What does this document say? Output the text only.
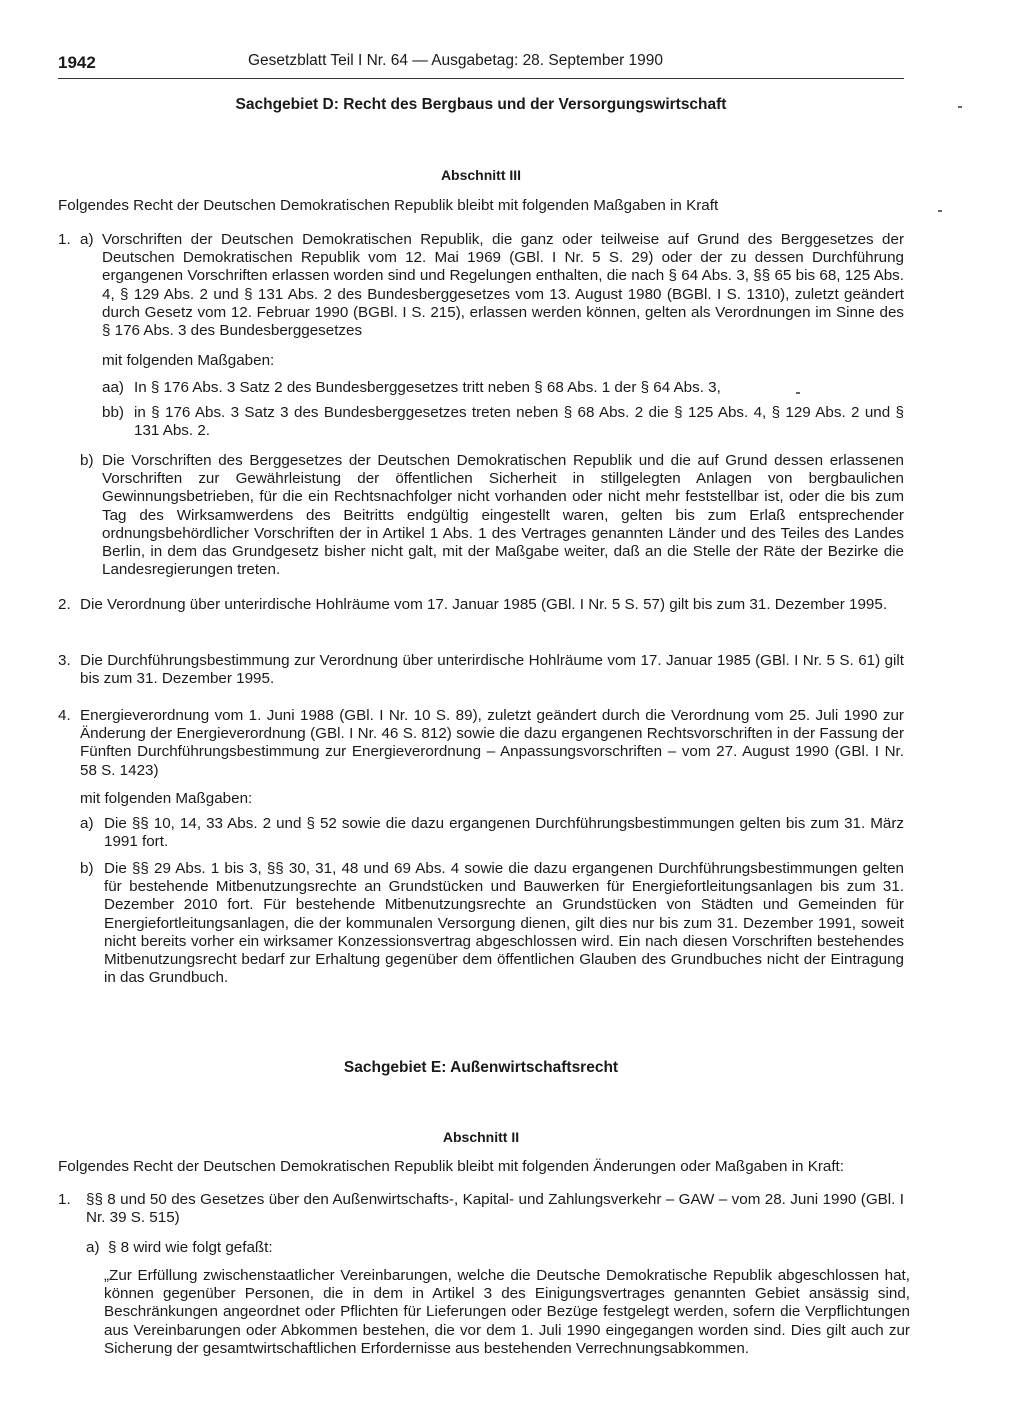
1942	Gesetzblatt Teil I Nr. 64 — Ausgabetag: 28. September 1990
Sachgebiet D: Recht des Bergbaus und der Versorgungswirtschaft
Abschnitt III
Folgendes Recht der Deutschen Demokratischen Republik bleibt mit folgenden Maßgaben in Kraft
1. a) Vorschriften der Deutschen Demokratischen Republik, die ganz oder teilweise auf Grund des Berggesetzes der Deutschen Demokratischen Republik vom 12. Mai 1969 (GBl. I Nr. 5 S. 29) oder der zu dessen Durchführung ergangenen Vorschriften erlassen worden sind und Regelungen enthalten, die nach § 64 Abs. 3, §§ 65 bis 68, 125 Abs. 4, § 129 Abs. 2 und § 131 Abs. 2 des Bundesberggesetzes vom 13. August 1980 (BGBl. I S. 1310), zuletzt geändert durch Gesetz vom 12. Februar 1990 (BGBl. I S. 215), erlassen werden können, gelten als Verordnungen im Sinne des § 176 Abs. 3 des Bundesberggesetzes
mit folgenden Maßgaben:
aa) In § 176 Abs. 3 Satz 2 des Bundesberggesetzes tritt neben § 68 Abs. 1 der § 64 Abs. 3,
bb) in § 176 Abs. 3 Satz 3 des Bundesberggesetzes treten neben § 68 Abs. 2 die § 125 Abs. 4, § 129 Abs. 2 und § 131 Abs. 2.
b) Die Vorschriften des Berggesetzes der Deutschen Demokratischen Republik und die auf Grund dessen erlassenen Vorschriften zur Gewährleistung der öffentlichen Sicherheit in stillgelegten Anlagen von bergbaulichen Gewinnungsbetrieben, für die ein Rechtsnachfolger nicht vorhanden oder nicht mehr feststellbar ist, oder die bis zum Tag des Wirksamwerdens des Beitritts endgültig eingestellt waren, gelten bis zum Erlaß entsprechender ordnungsbehördlicher Vorschriften der in Artikel 1 Abs. 1 des Vertrages genannten Länder und des Teiles des Landes Berlin, in dem das Grundgesetz bisher nicht galt, mit der Maßgabe weiter, daß an die Stelle der Räte der Bezirke die Landesregierungen treten.
2. Die Verordnung über unterirdische Hohlräume vom 17. Januar 1985 (GBl. I Nr. 5 S. 57) gilt bis zum 31. Dezember 1995.
3. Die Durchführungsbestimmung zur Verordnung über unterirdische Hohlräume vom 17. Januar 1985 (GBl. I Nr. 5 S. 61) gilt bis zum 31. Dezember 1995.
4. Energieverordnung vom 1. Juni 1988 (GBl. I Nr. 10 S. 89), zuletzt geändert durch die Verordnung vom 25. Juli 1990 zur Änderung der Energieverordnung (GBl. I Nr. 46 S. 812) sowie die dazu ergangenen Rechtsvorschriften in der Fassung der Fünften Durchführungsbestimmung zur Energieverordnung – Anpassungsvorschriften – vom 27. August 1990 (GBl. I Nr. 58 S. 1423)
mit folgenden Maßgaben:
a) Die §§ 10, 14, 33 Abs. 2 und § 52 sowie die dazu ergangenen Durchführungsbestimmungen gelten bis zum 31. März 1991 fort.
b) Die §§ 29 Abs. 1 bis 3, §§ 30, 31, 48 und 69 Abs. 4 sowie die dazu ergangenen Durchführungsbestimmungen gelten für bestehende Mitbenutzungsrechte an Grundstücken und Bauwerken für Energiefortleitungsanlagen bis zum 31. Dezember 2010 fort. Für bestehende Mitbenutzungsrechte an Grundstücken von Städten und Gemeinden für Energiefortleitungsanlagen, die der kommunalen Versorgung dienen, gilt dies nur bis zum 31. Dezember 1991, soweit nicht bereits vorher ein wirksamer Konzessionsvertrag abgeschlossen wird. Ein nach diesen Vorschriften bestehendes Mitbenutzungsrecht bedarf zur Erhaltung gegenüber dem öffentlichen Glauben des Grundbuches nicht der Eintragung in das Grundbuch.
Sachgebiet E: Außenwirtschaftsrecht
Abschnitt II
Folgendes Recht der Deutschen Demokratischen Republik bleibt mit folgenden Änderungen oder Maßgaben in Kraft:
1. §§ 8 und 50 des Gesetzes über den Außenwirtschafts-, Kapital- und Zahlungsverkehr – GAW – vom 28. Juni 1990 (GBl. I Nr. 39 S. 515)
a) § 8 wird wie folgt gefaßt:
„Zur Erfüllung zwischenstaatlicher Vereinbarungen, welche die Deutsche Demokratische Republik abgeschlossen hat, können gegenüber Personen, die in dem in Artikel 3 des Einigungsvertrages genannten Gebiet ansässig sind, Beschränkungen angeordnet oder Pflichten für Lieferungen oder Bezüge festgelegt werden, sofern die Verpflichtungen aus Vereinbarungen oder Abkommen bestehen, die vor dem 1. Juli 1990 eingegangen worden sind. Dies gilt auch zur Sicherung der gesamtwirtschaftlichen Erfordernisse aus bestehenden Verrechnungsabkommen.
